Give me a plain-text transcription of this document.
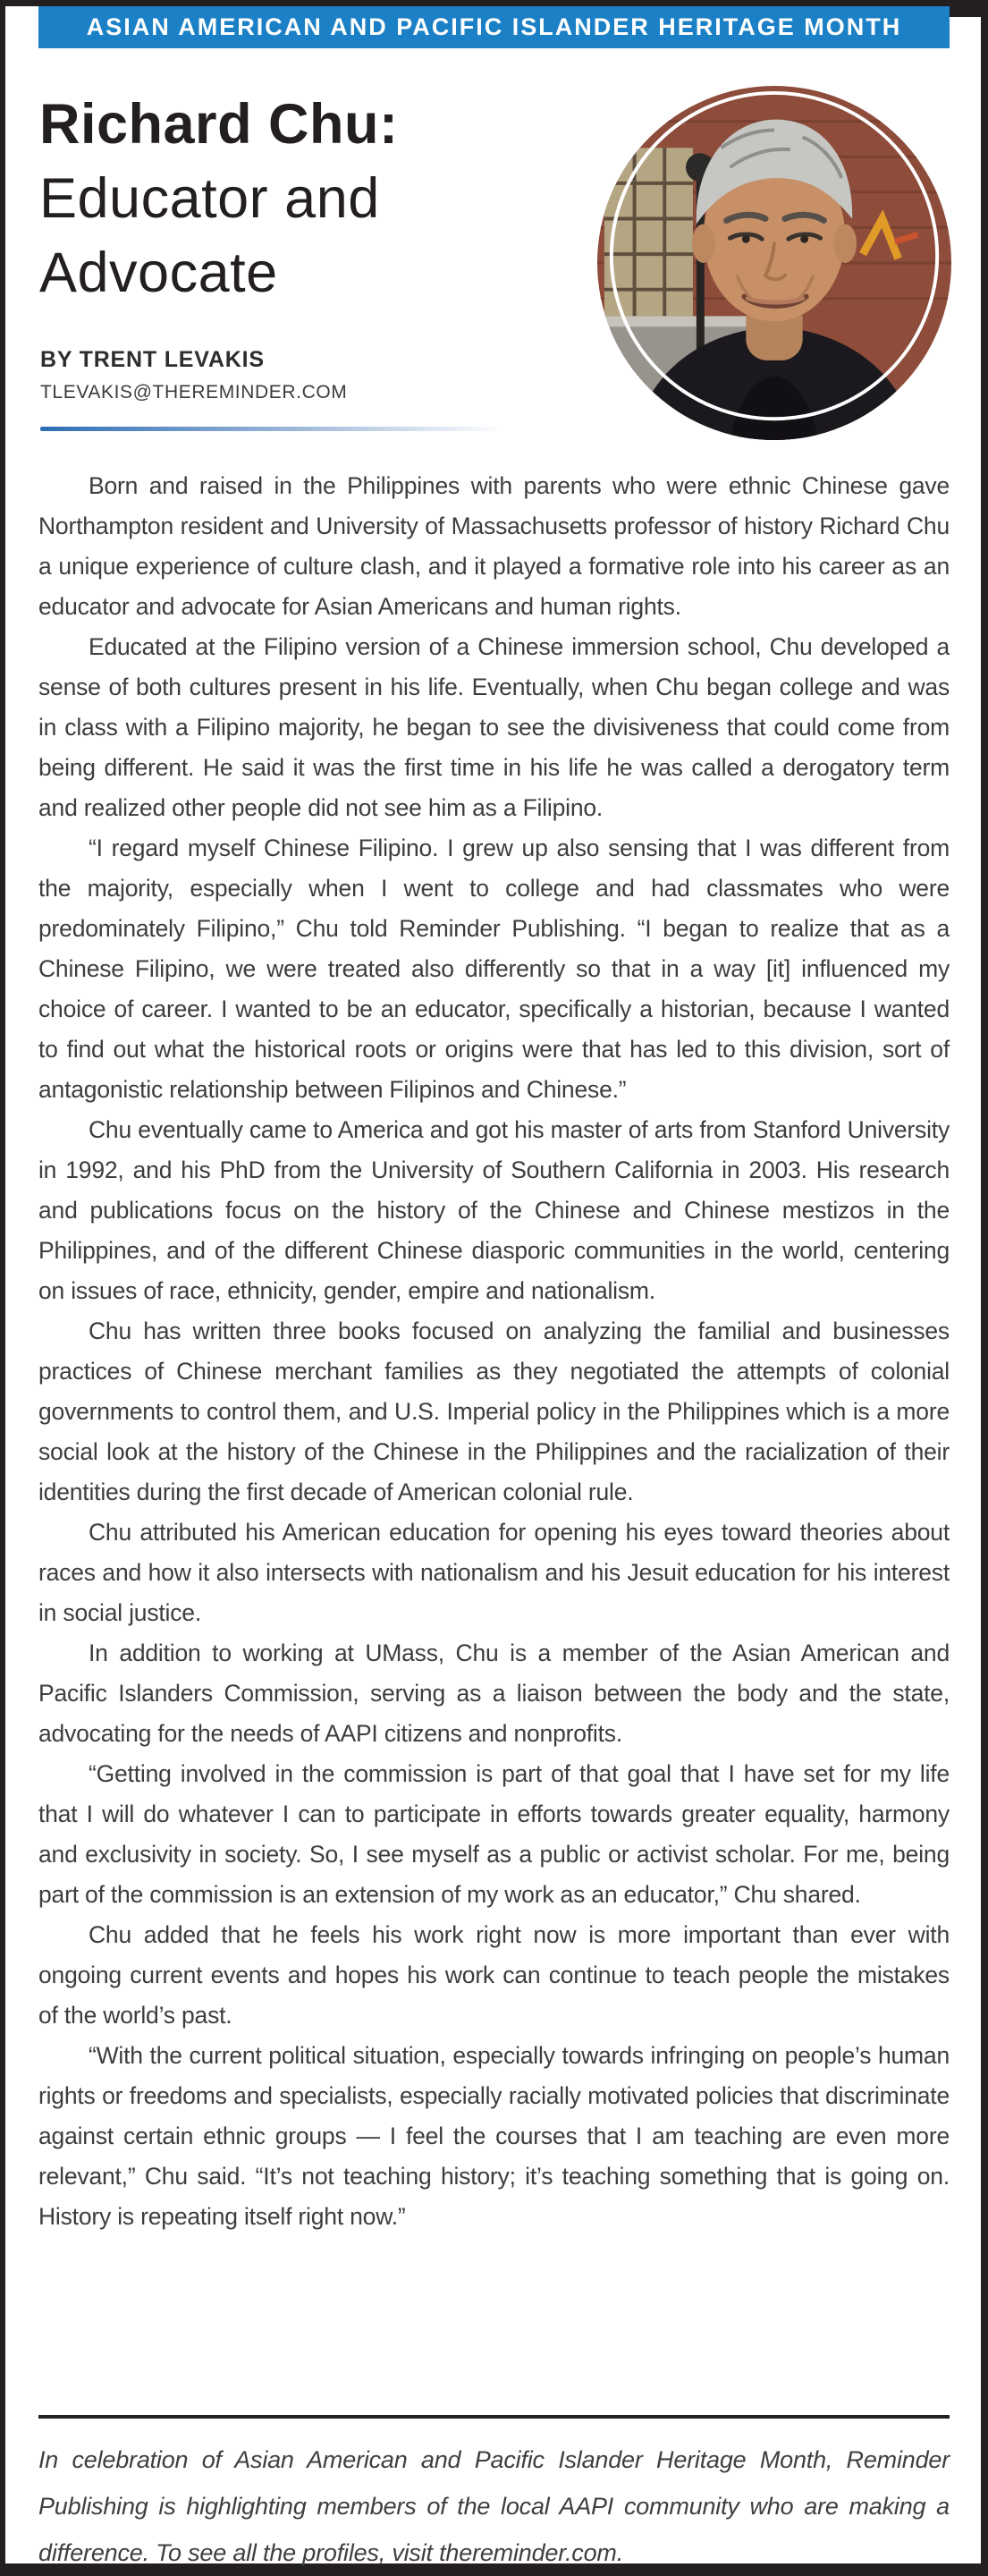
ASIAN AMERICAN AND PACIFIC ISLANDER HERITAGE MONTH
Richard Chu:
Educator and
Advocate
BY TRENT LEVAKIS
TLEVAKIS@THEREMINDER.COM

Born and raised in the Philippines with parents who were ethnic Chinese gave Northampton resident and University of Massachusetts professor of history Richard Chu a unique experience of culture clash, and it played a formative role into his career as an educator and advocate for Asian Americans and human rights.

Educated at the Filipino version of a Chinese immersion school, Chu developed a sense of both cultures present in his life. Eventually, when Chu began college and was in class with a Filipino majority, he began to see the divisiveness that could come from being different. He said it was the first time in his life he was called a derogatory term and realized other people did not see him as a Filipino.

“I regard myself Chinese Filipino. I grew up also sensing that I was different from the majority, especially when I went to college and had classmates who were predominately Filipino,” Chu told Reminder Publishing. “I began to realize that as a Chinese Filipino, we were treated also differently so that in a way [it] influenced my choice of career. I wanted to be an educator, specifically a historian, because I wanted to find out what the historical roots or origins were that has led to this division, sort of antagonistic relationship between Filipinos and Chinese.”

Chu eventually came to America and got his master of arts from Stanford University in 1992, and his PhD from the University of Southern California in 2003. His research and publications focus on the history of the Chinese and Chinese mestizos in the Philippines, and of the different Chinese diasporic communities in the world, centering on issues of race, ethnicity, gender, empire and nationalism.

Chu has written three books focused on analyzing the familial and businesses practices of Chinese merchant families as they negotiated the attempts of colonial governments to control them, and U.S. Imperial policy in the Philippines which is a more social look at the history of the Chinese in the Philippines and the racialization of their identities during the first decade of American colonial rule.

Chu attributed his American education for opening his eyes toward theories about races and how it also intersects with nationalism and his Jesuit education for his interest in social justice.

In addition to working at UMass, Chu is a member of the Asian American and Pacific Islanders Commission, serving as a liaison between the body and the state, advocating for the needs of AAPI citizens and nonprofits.

“Getting involved in the commission is part of that goal that I have set for my life that I will do whatever I can to participate in efforts towards greater equality, harmony and exclusivity in society. So, I see myself as a public or activist scholar. For me, being part of the commission is an extension of my work as an educator,” Chu shared.

Chu added that he feels his work right now is more important than ever with ongoing current events and hopes his work can continue to teach people the mistakes of the world’s past.

“With the current political situation, especially towards infringing on people’s human rights or freedoms and specialists, especially racially motivated policies that discriminate against certain ethnic groups — I feel the courses that I am teaching are even more relevant,” Chu said. “It’s not teaching history; it’s teaching something that is going on. History is repeating itself right now.”

In celebration of Asian American and Pacific Islander Heritage Month, Reminder Publishing is highlighting members of the local AAPI community who are making a difference. To see all the profiles, visit thereminder.com.
